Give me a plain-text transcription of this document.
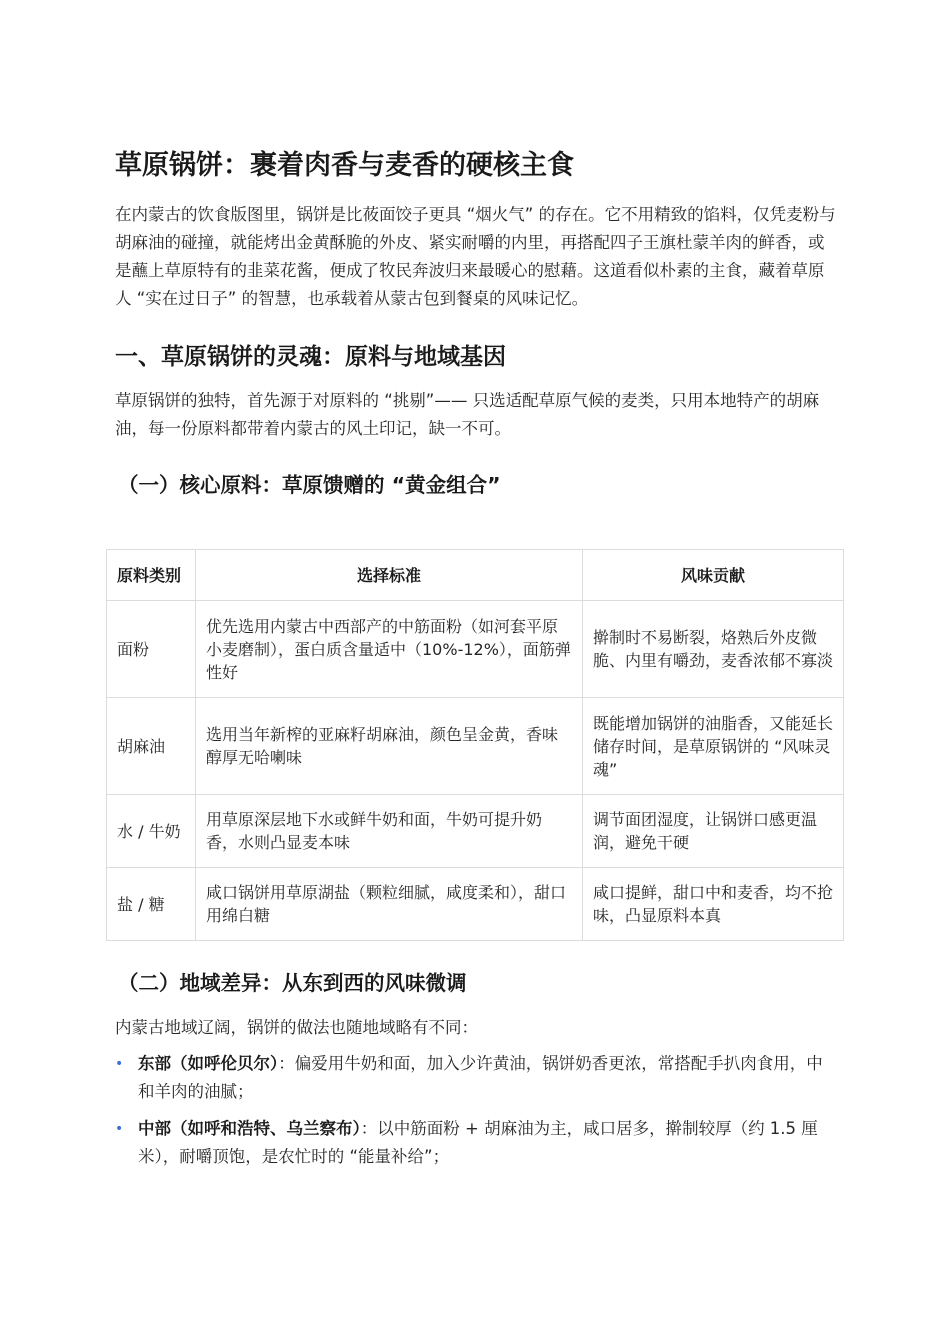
草原锅饼：裹着肉香与麦香的硬核主食

在内蒙古的饮食版图里，锅饼是比莜面饺子更具 “烟火气” 的存在。它不用精致的馅料，仅凭麦粉与胡麻油的碰撞，就能烤出金黄酥脆的外皮、紧实耐嚼的内里，再搭配四子王旗杜蒙羊肉的鲜香，或是蘸上草原特有的韭菜花酱，便成了牧民奔波归来最暖心的慰藉。这道看似朴素的主食，藏着草原人 “实在过日子” 的智慧，也承载着从蒙古包到餐桌的风味记忆。

一、草原锅饼的灵魂：原料与地域基因

草原锅饼的独特，首先源于对原料的 “挑剔”—— 只选适配草原气候的麦类，只用本地特产的胡麻油，每一份原料都带着内蒙古的风土印记，缺一不可。

（一）核心原料：草原馈赠的 “黄金组合”
原料类别	选择标准	风味贡献
面粉	优先选用内蒙古中西部产的中筋面粉（如河套平原小麦磨制），蛋白质含量适中（10%-12%），面筋弹性好	擀制时不易断裂，烙熟后外皮微脆、内里有嚼劲，麦香浓郁不寡淡
胡麻油	选用当年新榨的亚麻籽胡麻油，颜色呈金黄，香味醇厚无哈喇味	既能增加锅饼的油脂香，又能延长储存时间，是草原锅饼的 “风味灵魂”
水 / 牛奶	用草原深层地下水或鲜牛奶和面，牛奶可提升奶香，水则凸显麦本味	调节面团湿度，让锅饼口感更温润，避免干硬
盐 / 糖	咸口锅饼用草原湖盐（颗粒细腻，咸度柔和），甜口用绵白糖	咸口提鲜，甜口中和麦香，均不抢味，凸显原料本真
（二）地域差异：从东到西的风味微调

内蒙古地域辽阔，锅饼的做法也随地域略有不同：

• 东部（如呼伦贝尔）：偏爱用牛奶和面，加入少许黄油，锅饼奶香更浓，常搭配手扒肉食用，中和羊肉的油腻；
• 中部（如呼和浩特、乌兰察布）：以中筋面粉 + 胡麻油为主，咸口居多，擀制较厚（约 1.5 厘米），耐嚼顶饱，是农忙时的 “能量补给”；
